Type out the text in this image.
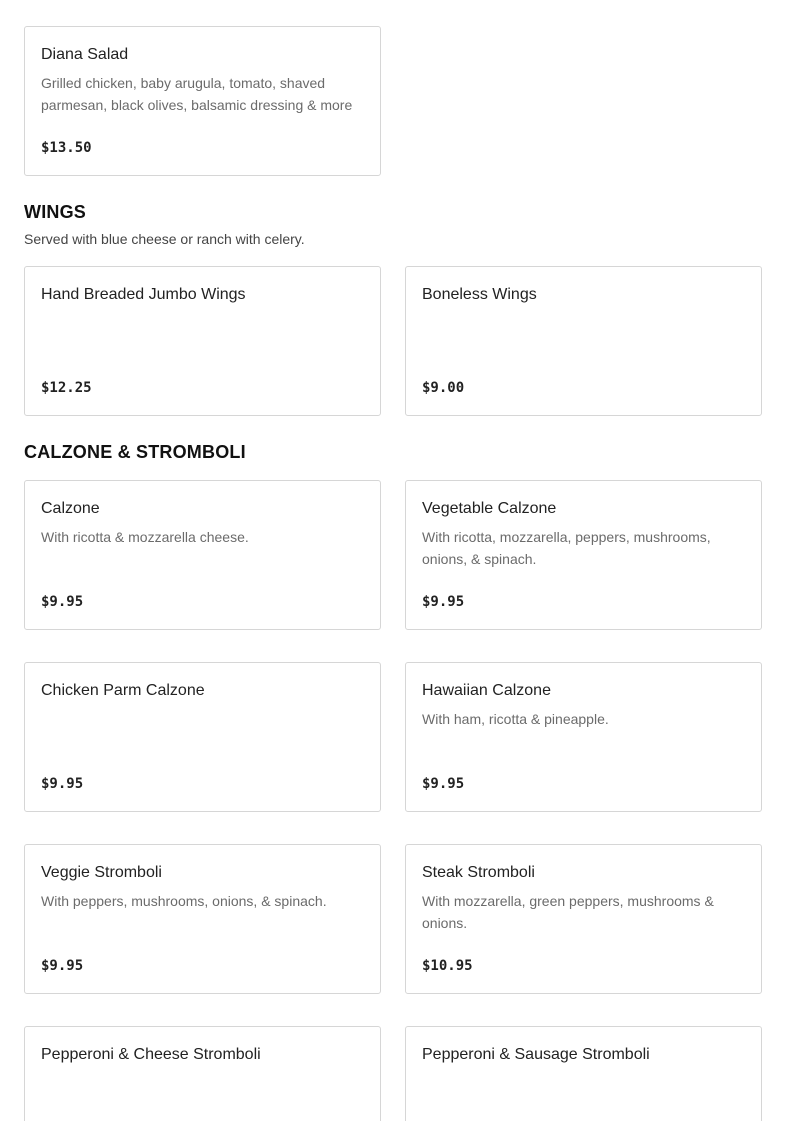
Diana Salad
Grilled chicken, baby arugula, tomato, shaved parmesan, black olives, balsamic dressing & more
$13.50
WINGS

Served with blue cheese or ranch with celery.

Hand Breaded Jumbo Wings
$12.25
Boneless Wings
$9.00
CALZONE & STROMBOLI
Calzone
With ricotta & mozzarella cheese.
$9.95
Vegetable Calzone
With ricotta, mozzarella, peppers, mushrooms, onions, & spinach.
$9.95
Chicken Parm Calzone
$9.95
Hawaiian Calzone
With ham, ricotta & pineapple.
$9.95
Veggie Stromboli
With peppers, mushrooms, onions, & spinach.
$9.95
Steak Stromboli
With mozzarella, green peppers, mushrooms & onions.
$10.95
Pepperoni & Cheese Stromboli	Pepperoni & Sausage Stromboli
